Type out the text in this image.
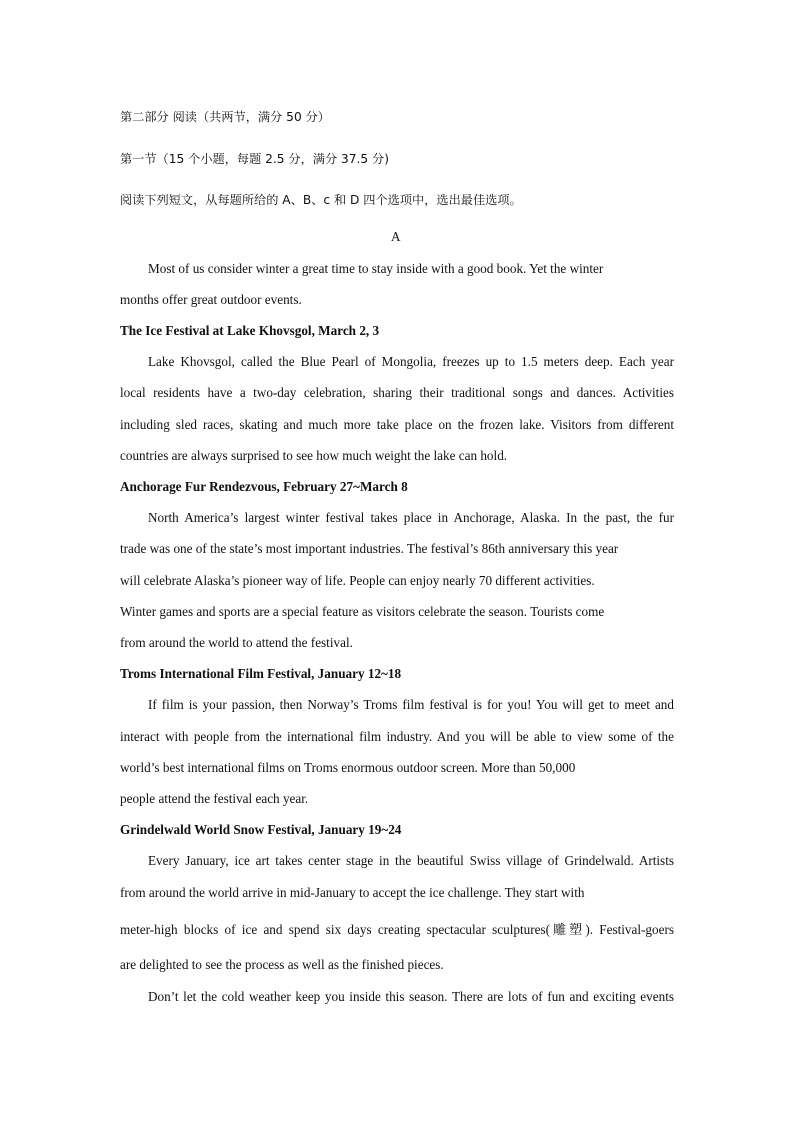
第二部分 阅读（共两节，满分 50 分）
第一节（15 个小题，每题 2.5 分，满分 37.5 分)
阅读下列短文，从每题所给的 A、B、c 和 D 四个选项中，选出最佳选项。
A
Most of us consider winter a great time to stay inside with a good book. Yet the winter
months offer great outdoor events.
The Ice Festival at Lake Khovsgol, March 2, 3
Lake Khovsgol, called the Blue Pearl of Mongolia, freezes up to 1.5 meters deep. Each year
local residents have a two-day celebration, sharing their traditional songs and dances. Activities
including sled races, skating and much more take place on the frozen lake. Visitors from different
countries are always surprised to see how much weight the lake can hold.
Anchorage Fur Rendezvous, February 27~March 8
North America’s largest winter festival takes place in Anchorage, Alaska. In the past, the fur
trade was one of the state’s most important industries. The festival’s 86th anniversary this year
will celebrate Alaska’s pioneer way of life. People can enjoy nearly 70 different activities.
Winter games and sports are a special feature as visitors celebrate the season. Tourists come
from around the world to attend the festival.
Troms International Film Festival, January 12~18
If film is your passion, then Norway’s Troms film festival is for you! You will get to meet and
interact with people from the international film industry. And you will be able to view some of the
world’s best international films on Troms enormous outdoor screen. More than 50,000
people attend the festival each year.
Grindelwald World Snow Festival, January 19~24
Every January, ice art takes center stage in the beautiful Swiss village of Grindelwald. Artists
from around the world arrive in mid-January to accept the ice challenge. They start with
meter-high blocks of ice and spend six days creating spectacular sculptures(雕塑). Festival-goers
are delighted to see the process as well as the finished pieces.
Don’t let the cold weather keep you inside this season. There are lots of fun and exciting events
